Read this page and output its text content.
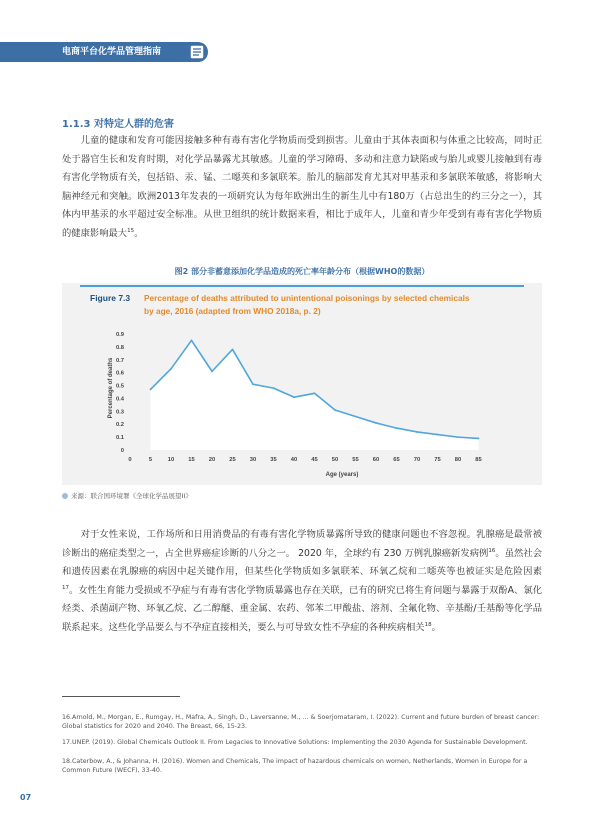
电商平台化学品管理指南
1.1.3 对特定人群的危害
儿童的健康和发育可能因接触多种有毒有害化学物质而受到损害。儿童由于其体表面积与体重之比较高，同时正处于器官生长和发育时期，对化学品暴露尤其敏感。儿童的学习障碍、多动和注意力缺陷或与胎儿或婴儿接触到有毒有害化学物质有关，包括铅、汞、锰、二噁英和多氯联苯。胎儿的脑部发育尤其对甲基汞和多氯联苯敏感，将影响大脑神经元和突触。欧洲2013年发表的一项研究认为每年欧洲出生的新生儿中有180万（占总出生的约三分之一），其体内甲基汞的水平超过安全标准。从世卫组织的统计数据来看，相比于成年人，儿童和青少年受到有毒有害化学物质的健康影响最大$^{15}$。
图2 部分非蓄意添加化学品造成的死亡率年龄分布（根据WHO的数据）
Figure 7.3 Percentage of deaths attributed to unintentional poisonings by selected chemicals
by age, 2016 (adapted from WHO 2018a, p. 2)
Percentage of deaths
Age (years)
0
0.1
0.2
0.3
0.4
0.5
0.6
0.7
0.8
0.9
0	5	10 15 20 25 30 35 40 45 50 55 60 65 70 75 80 85
来源：联合国环境署《全球化学品展望II》
对于女性来说，工作场所和日用消费品的有毒有害化学物质暴露所导致的健康问题也不容忽视。乳腺癌是最常被诊断出的癌症类型之一，占全世界癌症诊断的八分之一。 2020 年，全球约有 230 万例乳腺癌新发病例$^{16}$。虽然社会和遗传因素在乳腺癌的病因中起关键作用，但某些化学物质如多氯联苯、环氧乙烷和二噁英等也被证实是危险因素$^{17}$。女性生育能力受损或不孕症与有毒有害化学物质暴露也存在关联，已有的研究已将生育问题与暴露于双酚A、氯化烃类、杀菌副产物、环氧乙烷、乙二醇醚、重金属、农药、邻苯二甲酸盐、溶剂、全氟化物、辛基酚/壬基酚等化学品联系起来。这些化学品要么与不孕症直接相关，要么与可导致女性不孕症的各种疾病相关$^{18}$。
16.Arnold, M., Morgan, E., Rumgay, H., Mafra, A., Singh, D., Laversanne, M., ... & Soerjomataram, I. (2022). Current and future burden of breast cancer: Global statistics for 2020 and 2040. The Breast, 66, 15-23.
17.UNEP. (2019). Global Chemicals Outlook II. From Legacies to Innovative Solutions: Implementing the 2030 Agenda for Sustainable Development.
18.Caterbow, A., & Johanna, H. (2016). Women and Chemicals, The impact of hazardous chemicals on women, Netherlands, Women in Europe for a Common Future (WECF), 33-40.
07
